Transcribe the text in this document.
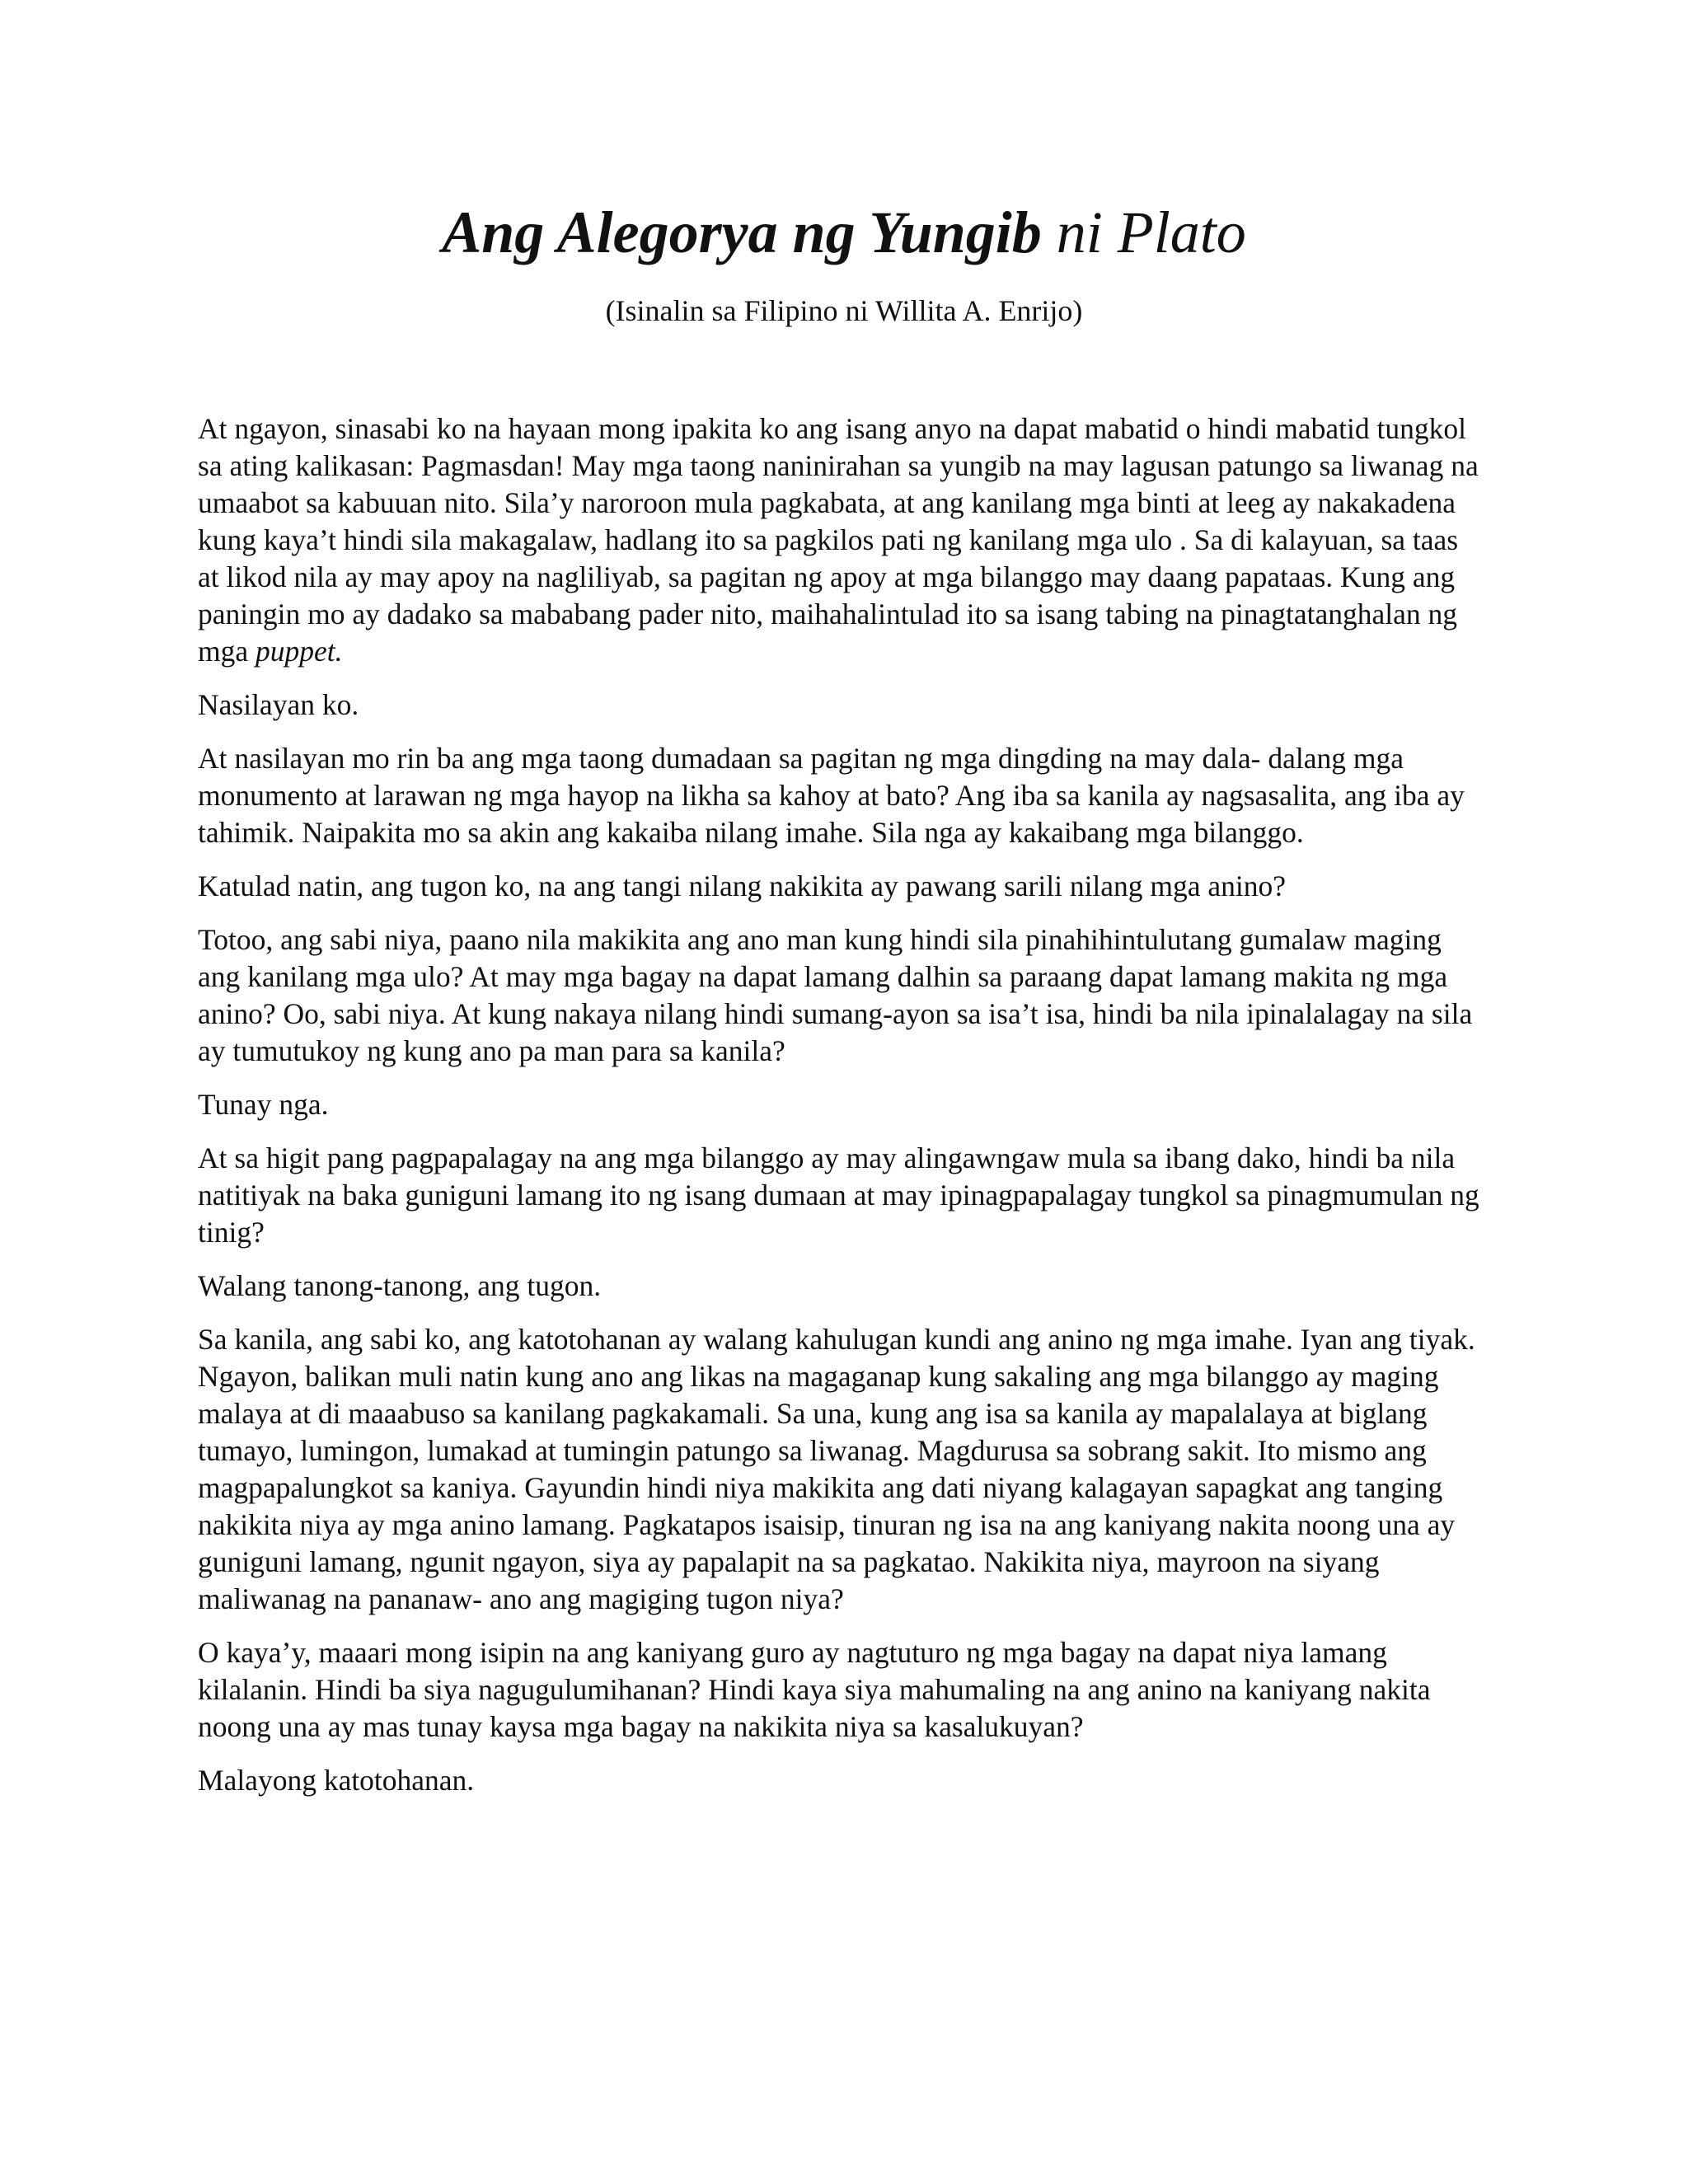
Ang Alegorya ng Yungib ni Plato

(Isinalin sa Filipino ni Willita A. Enrijo)

At ngayon, sinasabi ko na hayaan mong ipakita ko ang isang anyo na dapat mabatid o hindi mabatid tungkol sa ating kalikasan: Pagmasdan! May mga taong naninirahan sa yungib na may lagusan patungo sa liwanag na umaabot sa kabuuan nito. Sila’y naroroon mula pagkabata, at ang kanilang mga binti at leeg ay nakakadena kung kaya’t hindi sila makagalaw, hadlang ito sa pagkilos pati ng kanilang mga ulo . Sa di kalayuan, sa taas at likod nila ay may apoy na nagliliyab, sa pagitan ng apoy at mga bilanggo may daang papataas. Kung ang paningin mo ay dadako sa mababang pader nito, maihahalintulad ito sa isang tabing na pinagtatanghalan ng mga puppet.

Nasilayan ko.

At nasilayan mo rin ba ang mga taong dumadaan sa pagitan ng mga dingding na may dala- dalang mga monumento at larawan ng mga hayop na likha sa kahoy at bato? Ang iba sa kanila ay nagsasalita, ang iba ay tahimik. Naipakita mo sa akin ang kakaiba nilang imahe. Sila nga ay kakaibang mga bilanggo.

Katulad natin, ang tugon ko, na ang tangi nilang nakikita ay pawang sarili nilang mga anino?

Totoo, ang sabi niya, paano nila makikita ang ano man kung hindi sila pinahihintulutang gumalaw maging ang kanilang mga ulo? At may mga bagay na dapat lamang dalhin sa paraang dapat lamang makita ng mga anino? Oo, sabi niya. At kung nakaya nilang hindi sumang-ayon sa isa’t isa, hindi ba nila ipinalalagay na sila ay tumutukoy ng kung ano pa man para sa kanila?

Tunay nga.

At sa higit pang pagpapalagay na ang mga bilanggo ay may alingawngaw mula sa ibang dako, hindi ba nila natitiyak na baka guniguni lamang ito ng isang dumaan at may ipinagpapalagay tungkol sa pinagmumulan ng tinig?

Walang tanong-tanong, ang tugon.

Sa kanila, ang sabi ko, ang katotohanan ay walang kahulugan kundi ang anino ng mga imahe. Iyan ang tiyak. Ngayon, balikan muli natin kung ano ang likas na magaganap kung sakaling ang mga bilanggo ay maging malaya at di maaabuso sa kanilang pagkakamali. Sa una, kung ang isa sa kanila ay mapalalaya at biglang tumayo, lumingon, lumakad at tumingin patungo sa liwanag. Magdurusa sa sobrang sakit. Ito mismo ang magpapalungkot sa kaniya. Gayundin hindi niya makikita ang dati niyang kalagayan sapagkat ang tanging nakikita niya ay mga anino lamang. Pagkatapos isaisip, tinuran ng isa na ang kaniyang nakita noong una ay guniguni lamang, ngunit ngayon, siya ay papalapit na sa pagkatao. Nakikita niya, mayroon na siyang maliwanag na pananaw- ano ang magiging tugon niya?

O kaya’y, maaari mong isipin na ang kaniyang guro ay nagtuturo ng mga bagay na dapat niya lamang kilalanin. Hindi ba siya nagugulumihanan? Hindi kaya siya mahumaling na ang anino na kaniyang nakita noong una ay mas tunay kaysa mga bagay na nakikita niya sa kasalukuyan?

Malayong katotohanan.
